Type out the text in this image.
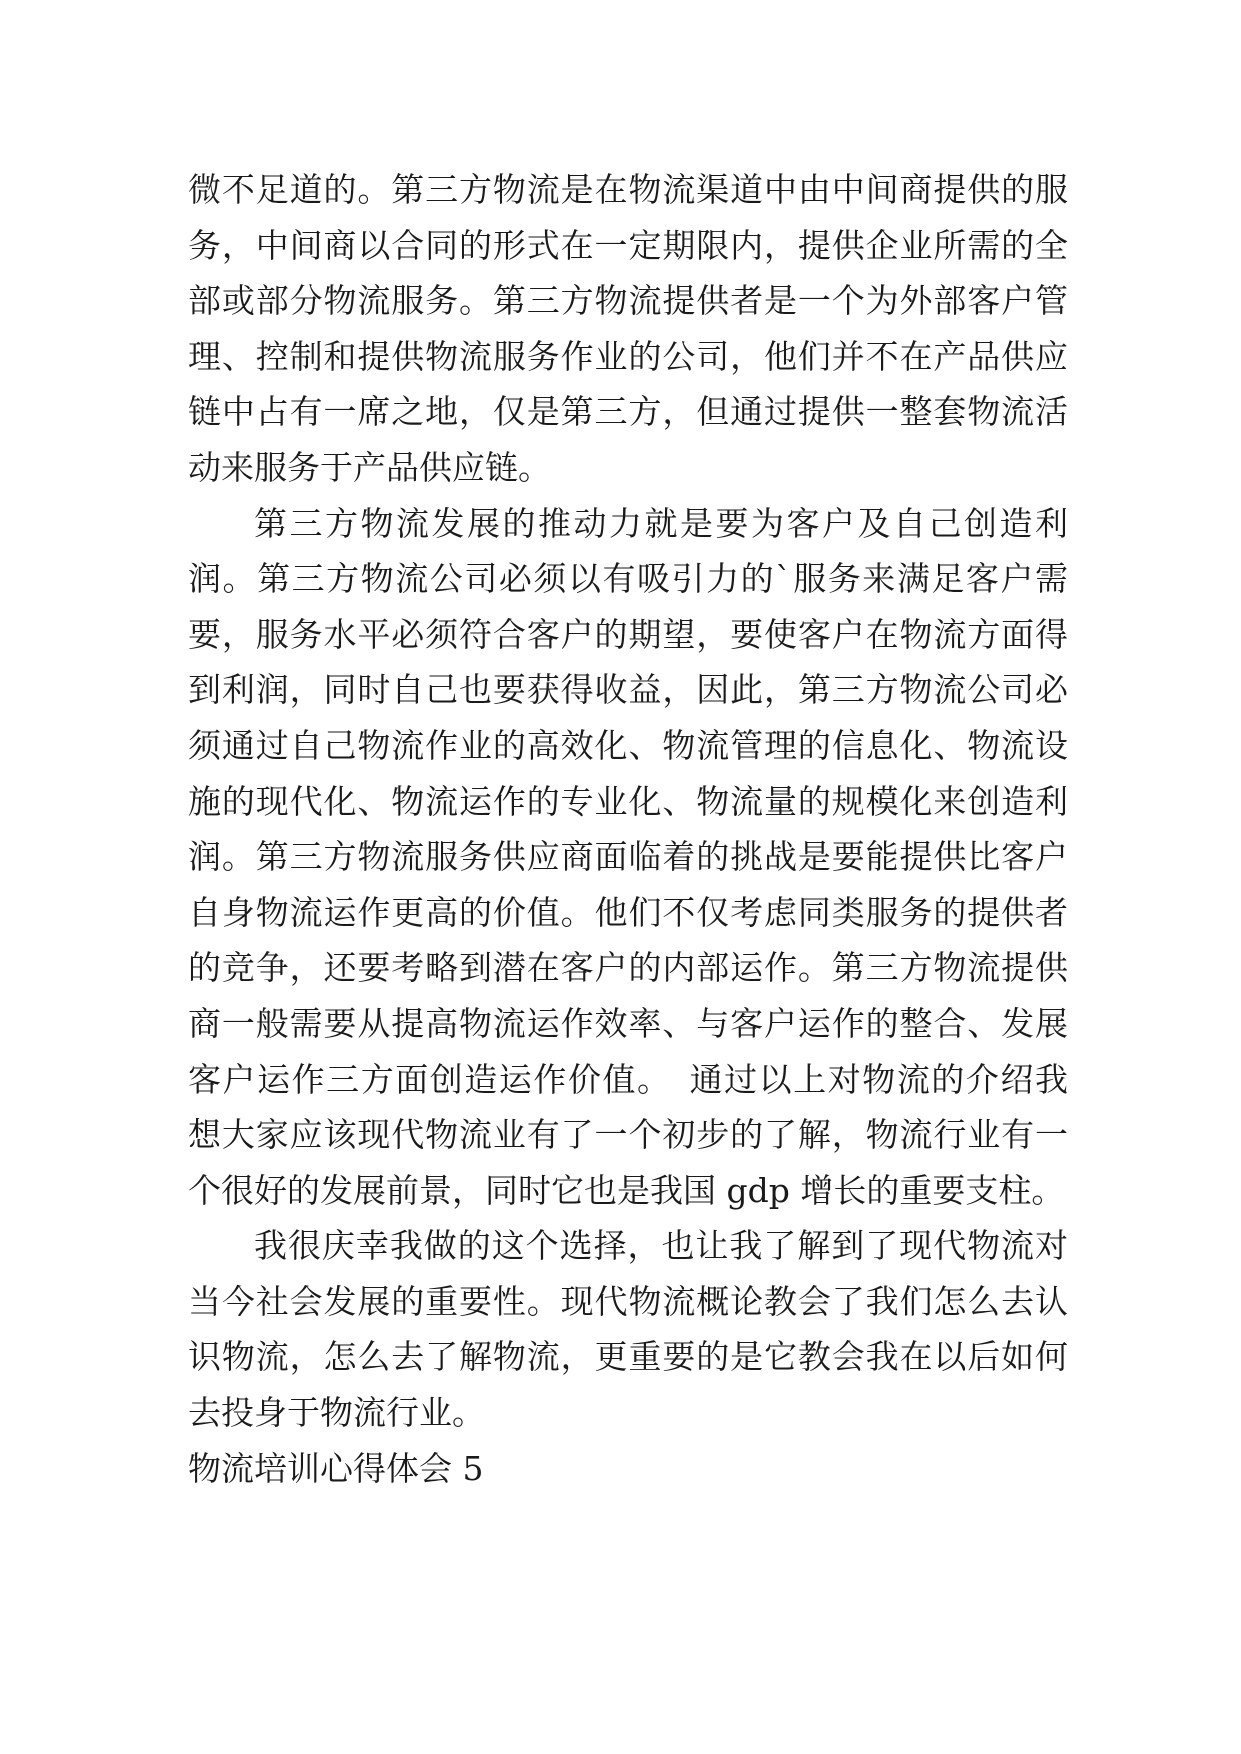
微不足道的。第三方物流是在物流渠道中由中间商提供的服
务，中间商以合同的形式在一定期限内，提供企业所需的全
部或部分物流服务。第三方物流提供者是一个为外部客户管
理、控制和提供物流服务作业的公司，他们并不在产品供应
链中占有一席之地，仅是第三方，但通过提供一整套物流活
动来服务于产品供应链。
第三方物流发展的推动力就是要为客户及自己创造利
润。第三方物流公司必须以有吸引力的`服务来满足客户需
要，服务水平必须符合客户的期望，要使客户在物流方面得
到利润，同时自己也要获得收益，因此，第三方物流公司必
须通过自己物流作业的高效化、物流管理的信息化、物流设
施的现代化、物流运作的专业化、物流量的规模化来创造利
润。第三方物流服务供应商面临着的挑战是要能提供比客户
自身物流运作更高的价值。他们不仅考虑同类服务的提供者
的竞争，还要考略到潜在客户的内部运作。第三方物流提供
商一般需要从提高物流运作效率、与客户运作的整合、发展
客户运作三方面创造运作价值。　通过以上对物流的介绍我
想大家应该现代物流业有了一个初步的了解，物流行业有一
个很好的发展前景，同时它也是我国 gdp 增长的重要支柱。
我很庆幸我做的这个选择，也让我了解到了现代物流对
当今社会发展的重要性。现代物流概论教会了我们怎么去认
识物流，怎么去了解物流，更重要的是它教会我在以后如何
去投身于物流行业。
物流培训心得体会 5
